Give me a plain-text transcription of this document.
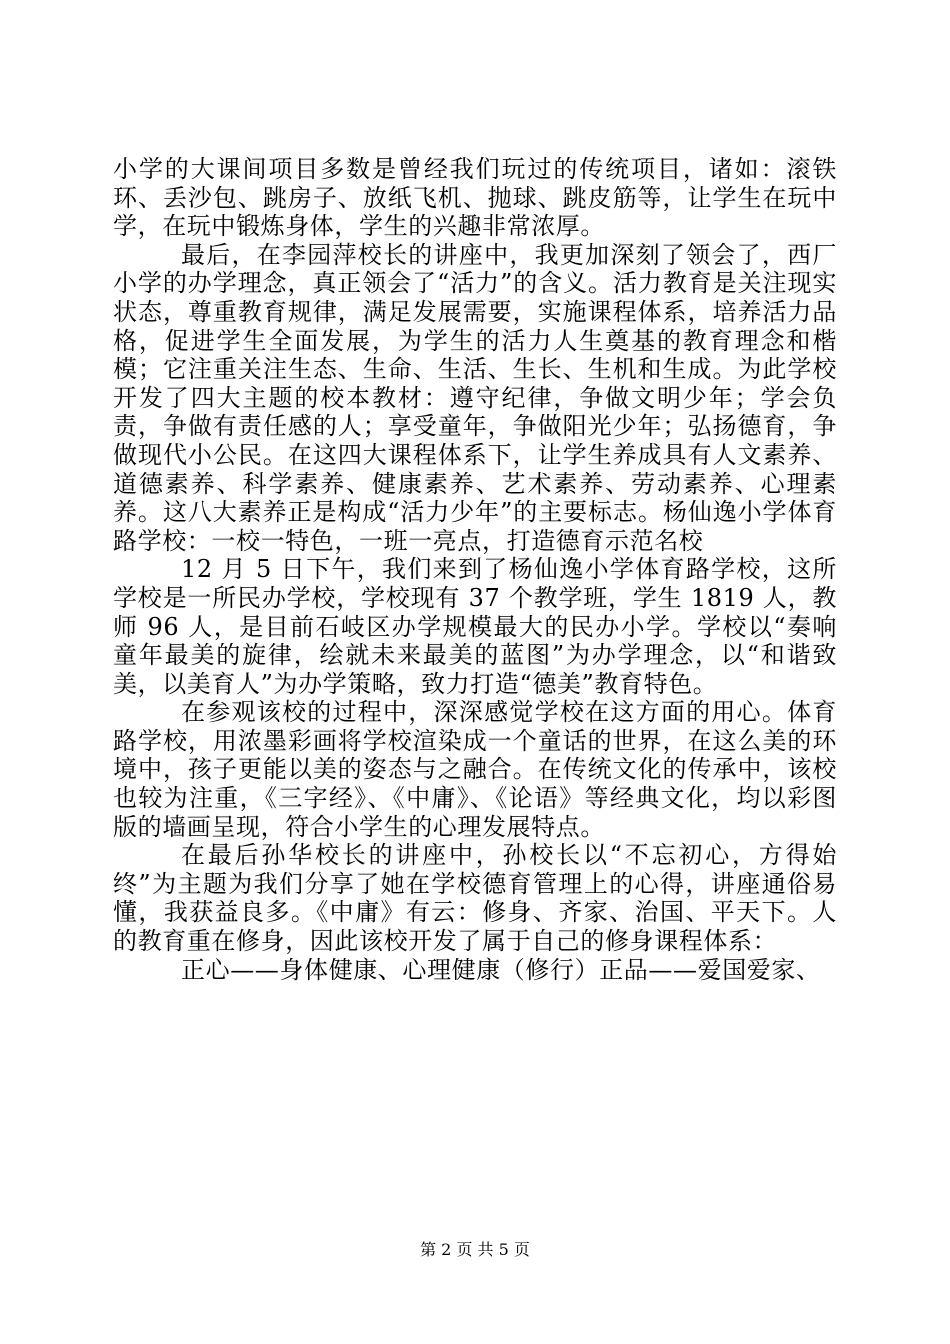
小学的大课间项目多数是曾经我们玩过的传统项目，诸如：滚铁环、丢沙包、跳房子、放纸飞机、抛球、跳皮筋等，让学生在玩中学，在玩中锻炼身体，学生的兴趣非常浓厚。

最后，在李园萍校长的讲座中，我更加深刻了领会了，西厂小学的办学理念，真正领会了“活力”的含义。活力教育是关注现实状态，尊重教育规律，满足发展需要，实施课程体系，培养活力品格，促进学生全面发展，为学生的活力人生奠基的教育理念和楷模；它注重关注生态、生命、生活、生长、生机和生成。为此学校开发了四大主题的校本教材：遵守纪律，争做文明少年；学会负责，争做有责任感的人；享受童年，争做阳光少年；弘扬德育，争做现代小公民。在这四大课程体系下，让学生养成具有人文素养、道德素养、科学素养、健康素养、艺术素养、劳动素养、心理素养。这八大素养正是构成“活力少年”的主要标志。杨仙逸小学体育路学校：一校一特色，一班一亮点，打造德育示范名校

12 月 5 日下午，我们来到了杨仙逸小学体育路学校，这所学校是一所民办学校，学校现有 37 个教学班，学生 1819 人，教师 96 人，是目前石岐区办学规模最大的民办小学。学校以“奏响童年最美的旋律，绘就未来最美的蓝图”为办学理念，以“和谐致美，以美育人”为办学策略，致力打造“德美”教育特色。

在参观该校的过程中，深深感觉学校在这方面的用心。体育路学校，用浓墨彩画将学校渲染成一个童话的世界，在这么美的环境中，孩子更能以美的姿态与之融合。在传统文化的传承中，该校也较为注重，《三字经》、《中庸》、《论语》等经典文化，均以彩图版的墙画呈现，符合小学生的心理发展特点。

在最后孙华校长的讲座中，孙校长以“不忘初心，方得始终”为主题为我们分享了她在学校德育管理上的心得，讲座通俗易懂，我获益良多。《中庸》有云：修身、齐家、治国、平天下。人的教育重在修身，因此该校开发了属于自己的修身课程体系：

正心——身体健康、心理健康（修行）正品——爱国爱家、

第 2 页 共 5 页
